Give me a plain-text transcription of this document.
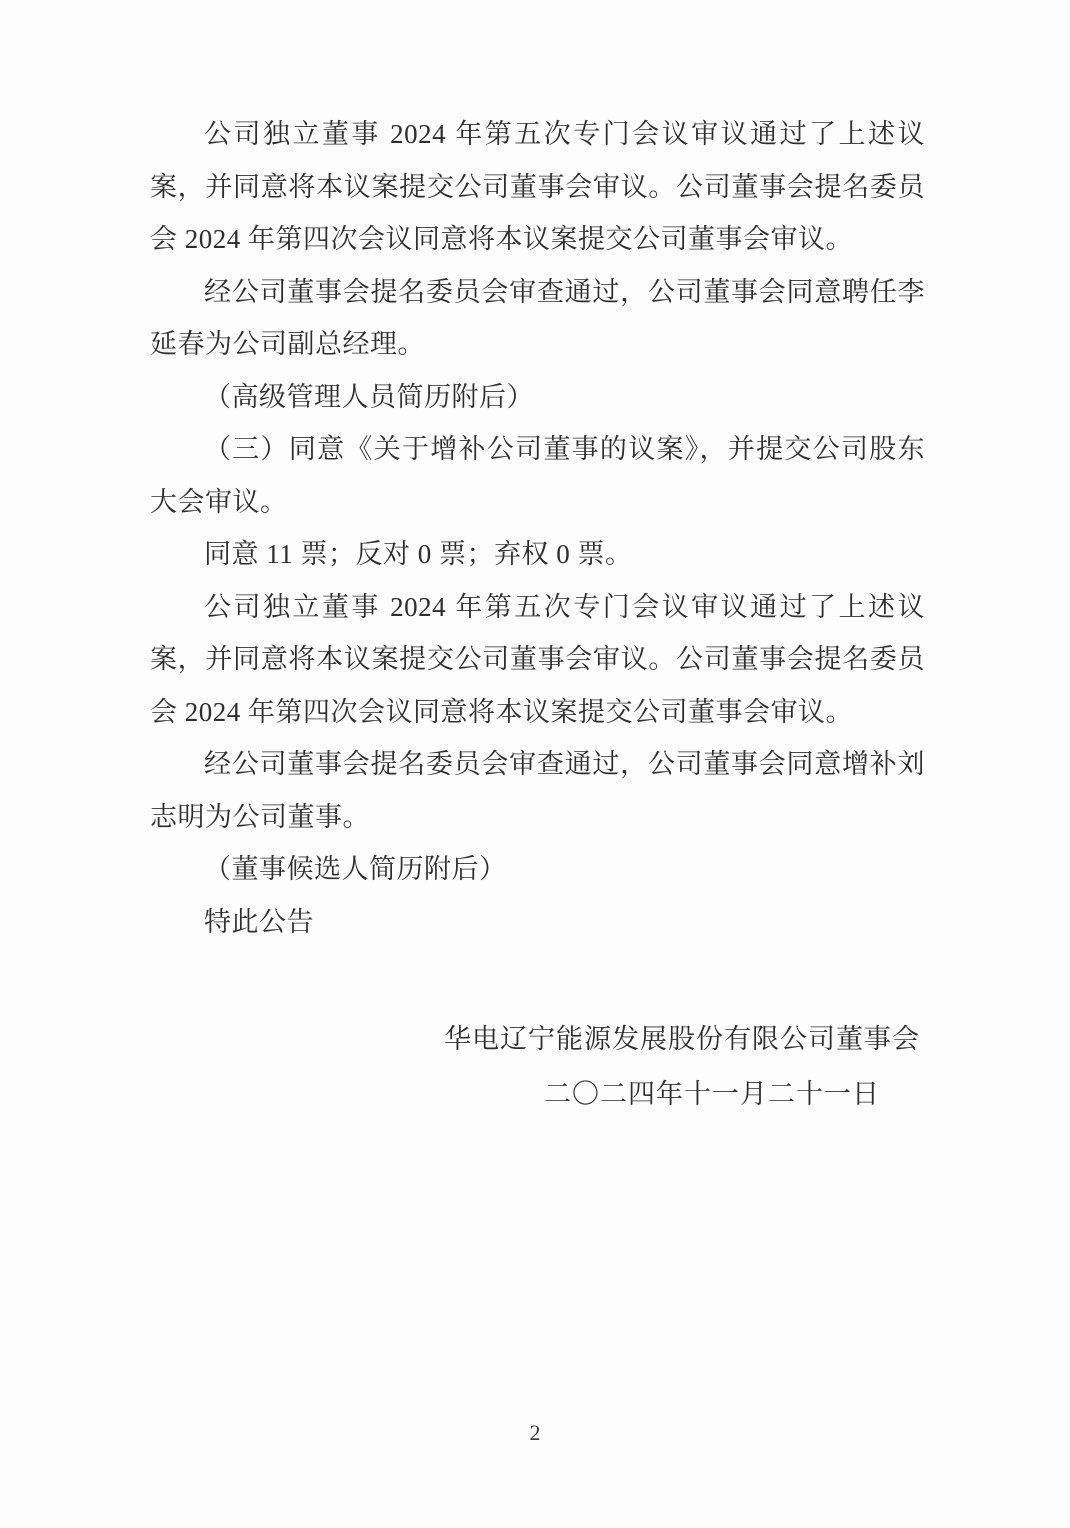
公司独立董事 2024 年第五次专门会议审议通过了上述议案，并同意将本议案提交公司董事会审议。公司董事会提名委员会 2024 年第四次会议同意将本议案提交公司董事会审议。

经公司董事会提名委员会审查通过，公司董事会同意聘任李延春为公司副总经理。

（高级管理人员简历附后）

（三）同意《关于增补公司董事的议案》，并提交公司股东大会审议。

同意 11 票；反对 0 票；弃权 0 票。

公司独立董事 2024 年第五次专门会议审议通过了上述议案，并同意将本议案提交公司董事会审议。公司董事会提名委员会 2024 年第四次会议同意将本议案提交公司董事会审议。

经公司董事会提名委员会审查通过，公司董事会同意增补刘志明为公司董事。

（董事候选人简历附后）

特此公告

华电辽宁能源发展股份有限公司董事会
二〇二四年十一月二十一日
2
